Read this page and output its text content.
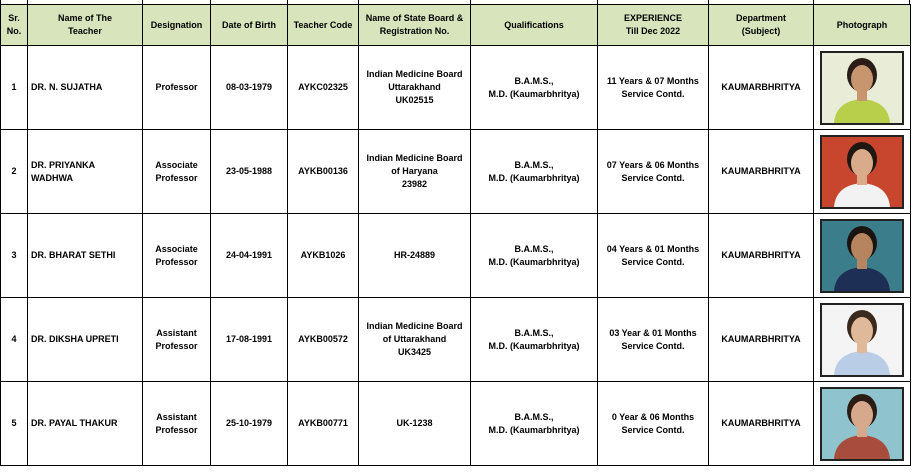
Sr.
No.	Name of The
Teacher	Designation	Date of Birth	Teacher Code	Name of State Board &
Registration No.	Qualifications	EXPERIENCE
Till Dec 2022	Department
(Subject)	Photograph
1	DR. N. SUJATHA	Professor	08-03-1979	AYKC02325	Indian Medicine Board
Uttarakhand
UK02515	B.A.M.S.,
M.D. (Kaumarbhritya)	11 Years & 07 Months
Service Contd.	KAUMARBHRITYA	

2	DR. PRIYANKA
WADHWA	Associate
Professor	23-05-1988	AYKB00136	Indian Medicine Board
of Haryana
23982	B.A.M.S.,
M.D. (Kaumarbhritya)	07 Years & 06 Months
Service Contd.	KAUMARBHRITYA	

3	DR. BHARAT SETHI	Associate
Professor	24-04-1991	AYKB1026	HR-24889	B.A.M.S.,
M.D. (Kaumarbhritya)	04 Years & 01 Months
Service Contd.	KAUMARBHRITYA	

4	DR. DIKSHA UPRETI	Assistant
Professor	17-08-1991	AYKB00572	Indian Medicine Board
of Uttarakhand
UK3425	B.A.M.S.,
M.D. (Kaumarbhritya)	03 Year & 01 Months
Service Contd.	KAUMARBHRITYA	

5	DR. PAYAL THAKUR	Assistant
Professor	25-10-1979	AYKB00771	UK-1238	B.A.M.S.,
M.D. (Kaumarbhritya)	0 Year & 06 Months
Service Contd.	KAUMARBHRITYA	
